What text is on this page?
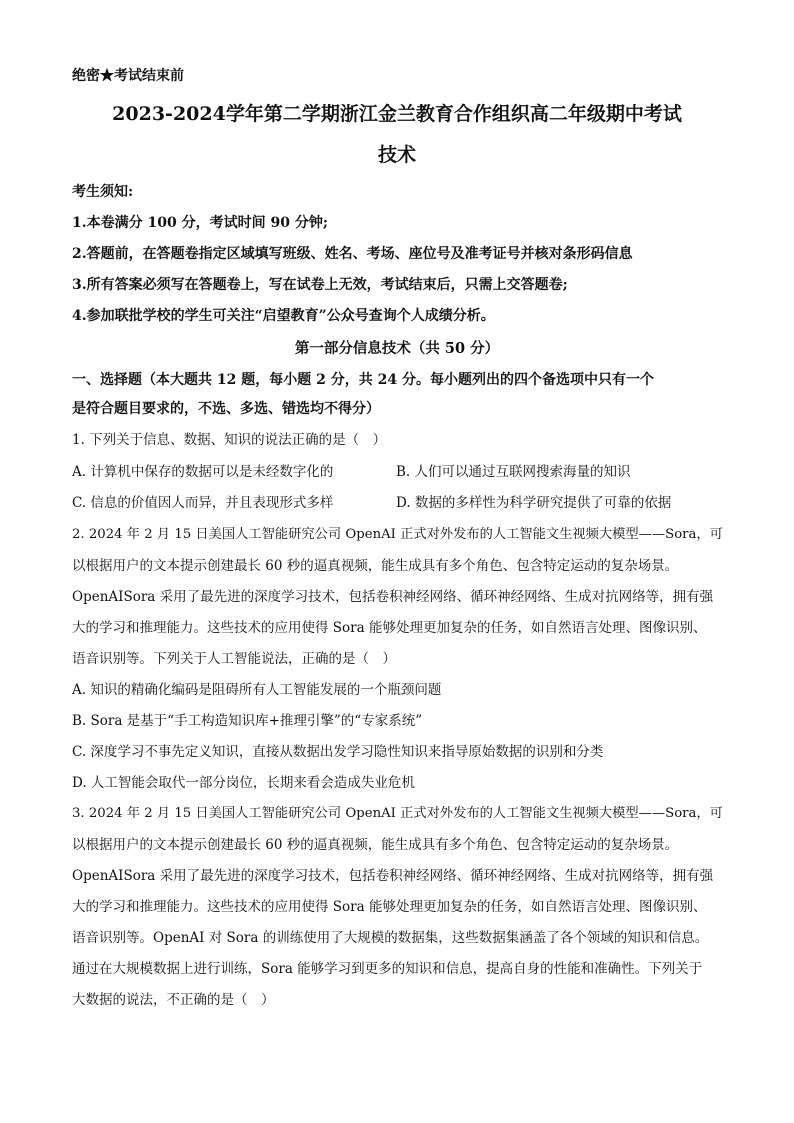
绝密★考试结束前
2023-2024学年第二学期浙江金兰教育合作组织高二年级期中考试
技术
考生须知:
1.本卷满分 100 分，考试时间 90 分钟;
2.答题前，在答题卷指定区域填写班级、姓名、考场、座位号及准考证号并核对条形码信息
3.所有答案必须写在答题卷上，写在试卷上无效，考试结束后，只需上交答题卷;
4.参加联批学校的学生可关注“启望教育”公众号查询个人成绩分析。
第一部分信息技术（共 50 分）
一、选择题（本大题共 12 题，每小题 2 分，共 24 分。每小题列出的四个备选项中只有一个
是符合题目要求的，不选、多选、错选均不得分）
1. 下列关于信息、数据、知识的说法正确的是（　）
A. 计算机中保存的数据可以是未经数字化的	B. 人们可以通过互联网搜索海量的知识
C. 信息的价值因人而异，并且表现形式多样	D. 数据的多样性为科学研究提供了可靠的依据
2. 2024 年 2 月 15 日美国人工智能研究公司 OpenAI 正式对外发布的人工智能文生视频大模型——Sora，可
以根据用户的文本提示创建最长 60 秒的逼真视频，能生成具有多个角色、包含特定运动的复杂场景。
OpenAISora 采用了最先进的深度学习技术，包括卷积神经网络、循环神经网络、生成对抗网络等，拥有强
大的学习和推理能力。这些技术的应用使得 Sora 能够处理更加复杂的任务，如自然语言处理、图像识别、
语音识别等。下列关于人工智能说法，正确的是（　）
A. 知识的精确化编码是阻碍所有人工智能发展的一个瓶颈问题
B. Sora 是基于“手工构造知识库+推理引擎”的“专家系统”
C. 深度学习不事先定义知识，直接从数据出发学习隐性知识来指导原始数据的识别和分类
D. 人工智能会取代一部分岗位，长期来看会造成失业危机
3. 2024 年 2 月 15 日美国人工智能研究公司 OpenAI 正式对外发布的人工智能文生视频大模型——Sora，可
以根据用户的文本提示创建最长 60 秒的逼真视频，能生成具有多个角色、包含特定运动的复杂场景。
OpenAISora 采用了最先进的深度学习技术，包括卷积神经网络、循环神经网络、生成对抗网络等，拥有强
大的学习和推理能力。这些技术的应用使得 Sora 能够处理更加复杂的任务，如自然语言处理、图像识别、
语音识别等。OpenAI 对 Sora 的训练使用了大规模的数据集，这些数据集涵盖了各个领域的知识和信息。
通过在大规模数据上进行训练，Sora 能够学习到更多的知识和信息，提高自身的性能和准确性。下列关于
大数据的说法，不正确的是（　）
